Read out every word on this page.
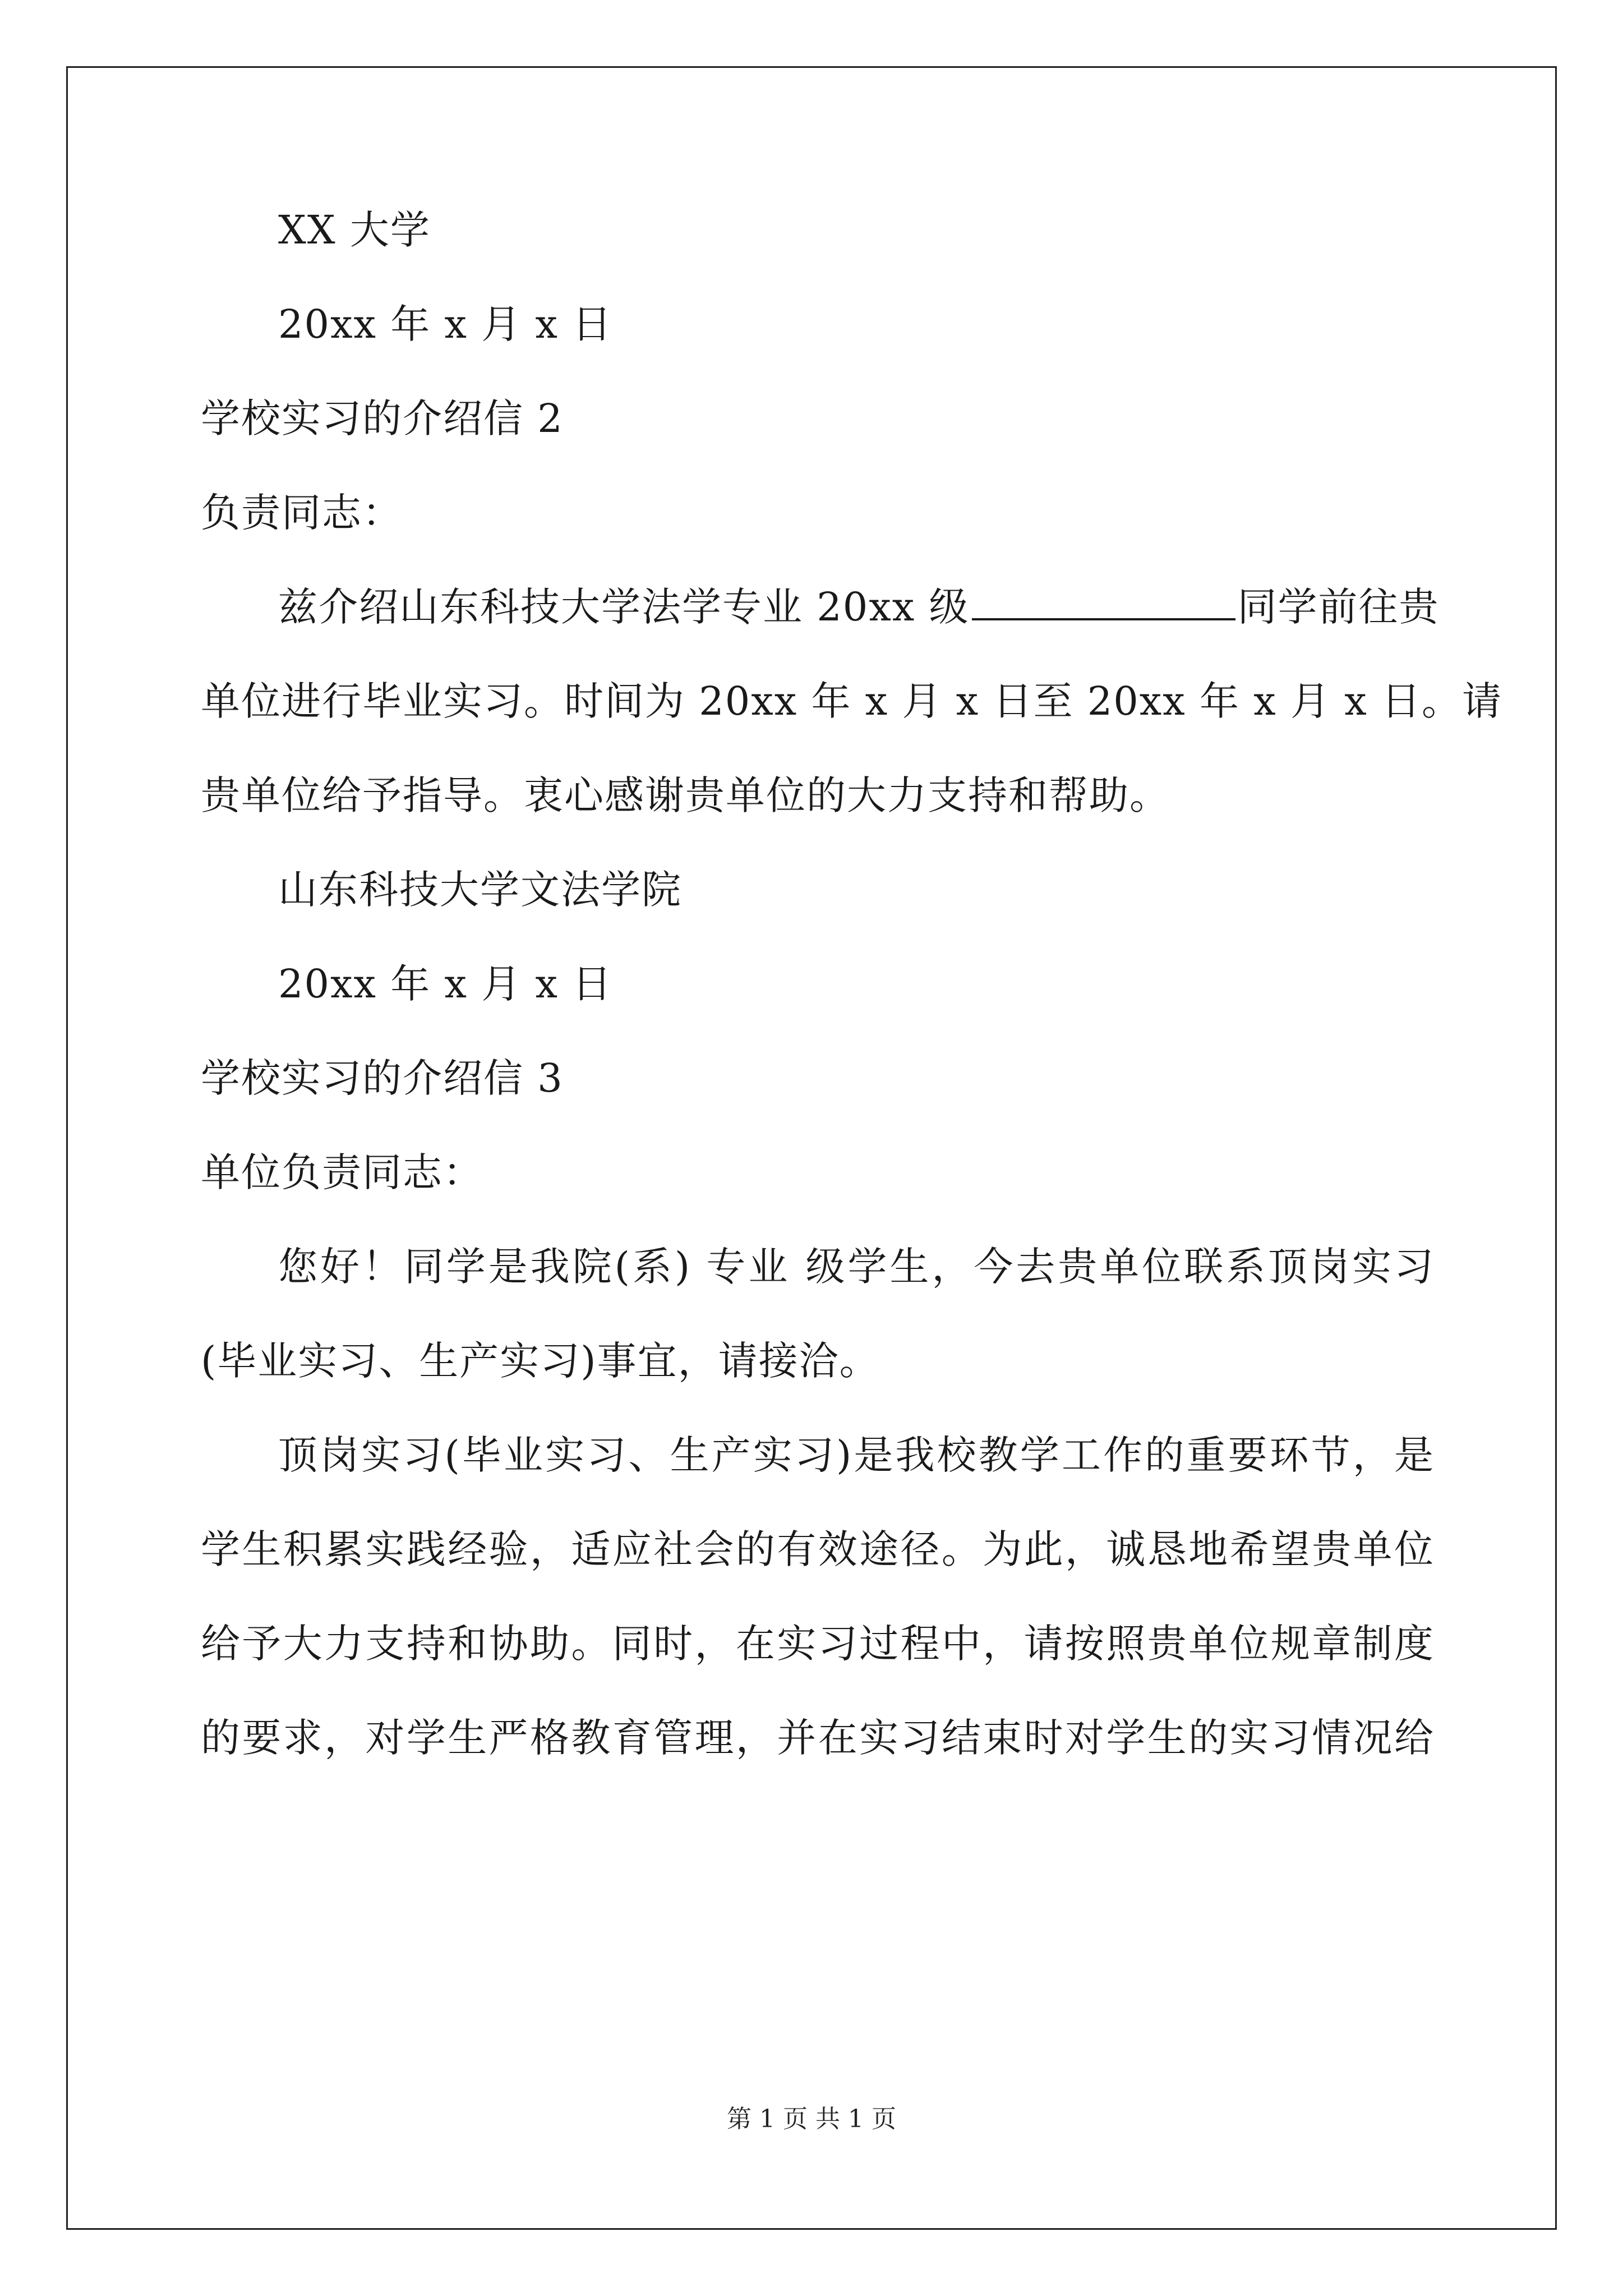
XX 大学
20xx 年 x 月 x 日
学校实习的介绍信 2
负责同志：
兹介绍山东科技大学法学专业 20xx 级	同学前往贵
单位进行毕业实习。时间为 20xx 年 x 月 x 日至 20xx 年 x 月 x 日。请
贵单位给予指导。衷心感谢贵单位的大力支持和帮助。
山东科技大学文法学院
20xx 年 x 月 x 日
学校实习的介绍信 3
单位负责同志：
您好！同学是我院(系) 专业 级学生，今去贵单位联系顶岗实习
(毕业实习、生产实习)事宜，请接洽。
顶岗实习(毕业实习、生产实习)是我校教学工作的重要环节，是
学生积累实践经验，适应社会的有效途径。为此，诚恳地希望贵单位
给予大力支持和协助。同时，在实习过程中，请按照贵单位规章制度
的要求，对学生严格教育管理，并在实习结束时对学生的实习情况给
第 1 页 共 1 页
